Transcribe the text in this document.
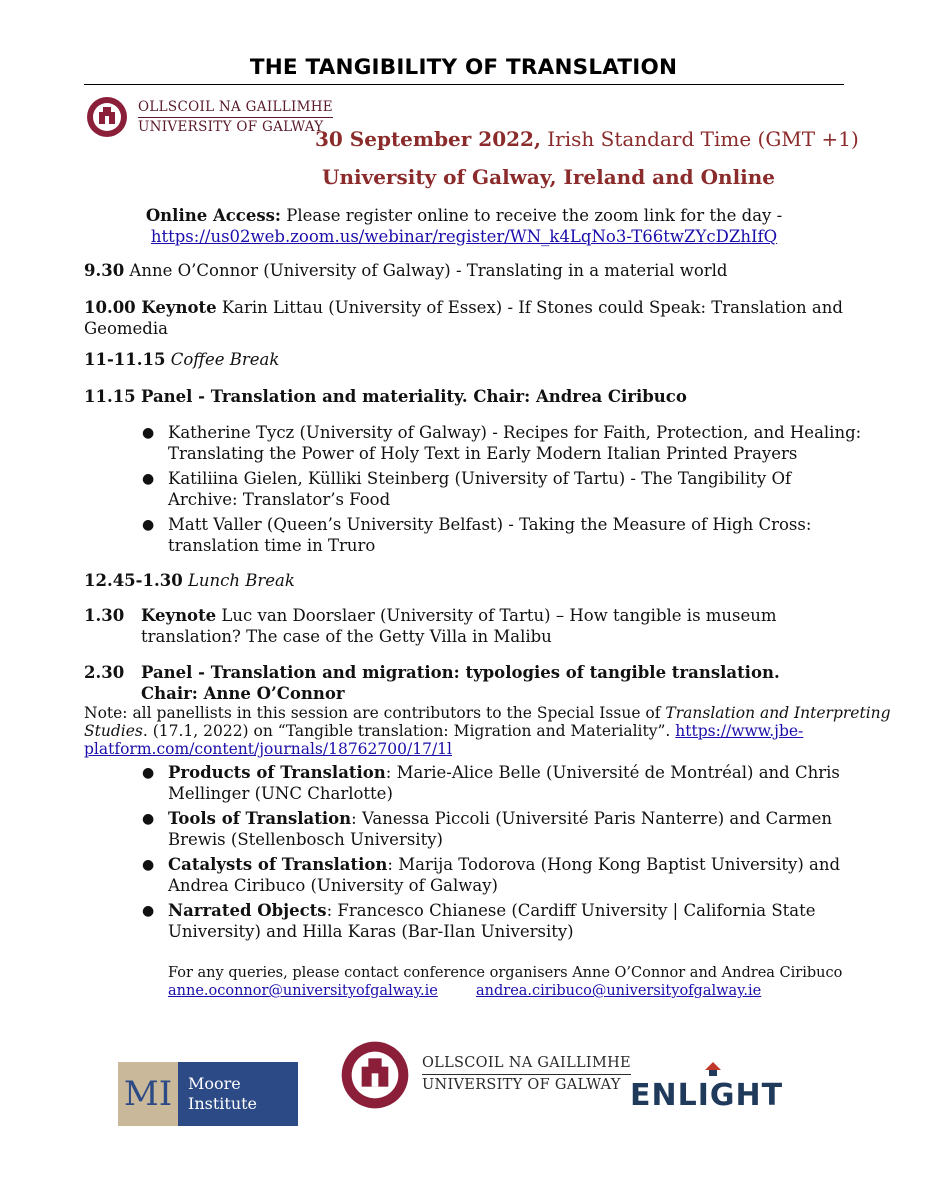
THE TANGIBILITY OF TRANSLATION
OLLSCOIL NA GAILLIMHE
UNIVERSITY OF GALWAY
30 September 2022, Irish Standard Time (GMT +1)
University of Galway, Ireland and Online
Online Access: Please register online to receive the zoom link for the day -
https://us02web.zoom.us/webinar/register/WN_k4LqNo3-T66twZYcDZhIfQ
9.30 Anne O’Connor (University of Galway) - Translating in a material world
10.00 Keynote Karin Littau (University of Essex) - If Stones could Speak: Translation and
Geomedia
11-11.15 Coffee Break
11.15 Panel - Translation and materiality. Chair: Andrea Ciribuco
● Katherine Tycz (University of Galway) - Recipes for Faith, Protection, and Healing:
Translating the Power of Holy Text in Early Modern Italian Printed Prayers
● Katiliina Gielen, Külliki Steinberg (University of Tartu) - The Tangibility Of
Archive: Translator’s Food
● Matt Valler (Queen’s University Belfast) - Taking the Measure of High Cross:
translation time in Truro
12.45-1.30 Lunch Break
1.30 Keynote Luc van Doorslaer (University of Tartu) – How tangible is museum
translation? The case of the Getty Villa in Malibu
2.30 Panel - Translation and migration: typologies of tangible translation.
Chair: Anne O’Connor
Note: all panellists in this session are contributors to the Special Issue of Translation and Interpreting
Studies. (17.1, 2022) on “Tangible translation: Migration and Materiality”. https://www.jbe-
platform.com/content/journals/18762700/17/1l
● Products of Translation: Marie-Alice Belle (Université de Montréal) and Chris
Mellinger (UNC Charlotte)
● Tools of Translation: Vanessa Piccoli (Université Paris Nanterre) and Carmen
Brewis (Stellenbosch University)
● Catalysts of Translation: Marija Todorova (Hong Kong Baptist University) and
Andrea Ciribuco (University of Galway)
● Narrated Objects: Francesco Chianese (Cardiff University | California State
University) and Hilla Karas (Bar-Ilan University)
For any queries, please contact conference organisers Anne O’Connor and Andrea Ciribuco
anne.oconnor@universityofgalway.ie	andrea.ciribuco@universityofgalway.ie
MI Moore
Institute
OLLSCOIL NA GAILLIMHE
UNIVERSITY OF GALWAY ENLIGHT
